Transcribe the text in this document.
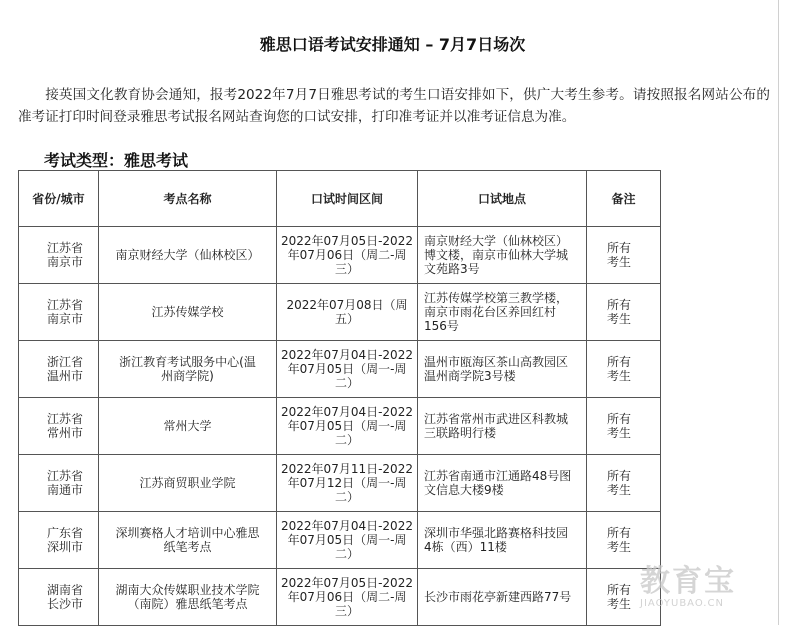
雅思口语考试安排通知 – 7月7日场次
接英国文化教育协会通知，报考2022年7月7日雅思考试的考生口语安排如下，供广大考生参考。请按照报名网站公布的准考证打印时间登录雅思考试报名网站查询您的口试安排，打印准考证并以准考证信息为准。
考试类型：雅思考试
省份/城市	考点名称	口试时间区间	口试地点	备注
江苏省南京市	南京财经大学（仙林校区）	2022年07月05日-2022年07月06日（周二-周三）	南京财经大学（仙林校区）博文楼，南京市仙林大学城文苑路3号	所有考生
江苏省南京市	江苏传媒学校	2022年07月08日（周五）	江苏传媒学校第三教学楼，南京市雨花台区养回红村156号	所有考生
浙江省温州市	浙江教育考试服务中心(温州商学院)	2022年07月04日-2022年07月05日（周一-周二）	温州市瓯海区茶山高教园区温州商学院3号楼	所有考生
江苏省常州市	常州大学	2022年07月04日-2022年07月05日（周一-周二）	江苏省常州市武进区科教城三联路明行楼	所有考生
江苏省南通市	江苏商贸职业学院	2022年07月11日-2022年07月12日（周一-周二）	江苏省南通市江通路48号图文信息大楼9楼	所有考生
广东省深圳市	深圳赛格人才培训中心雅思纸笔考点	2022年07月04日-2022年07月05日（周一-周二）	深圳市华强北路赛格科技园4栋（西）11楼	所有考生
湖南省长沙市	湖南大众传媒职业技术学院（南院）雅思纸笔考点	2022年07月05日-2022年07月06日（周二-周三）	长沙市雨花亭新建西路77号	所有考生
教育宝
JIAOYUBAO.CN
